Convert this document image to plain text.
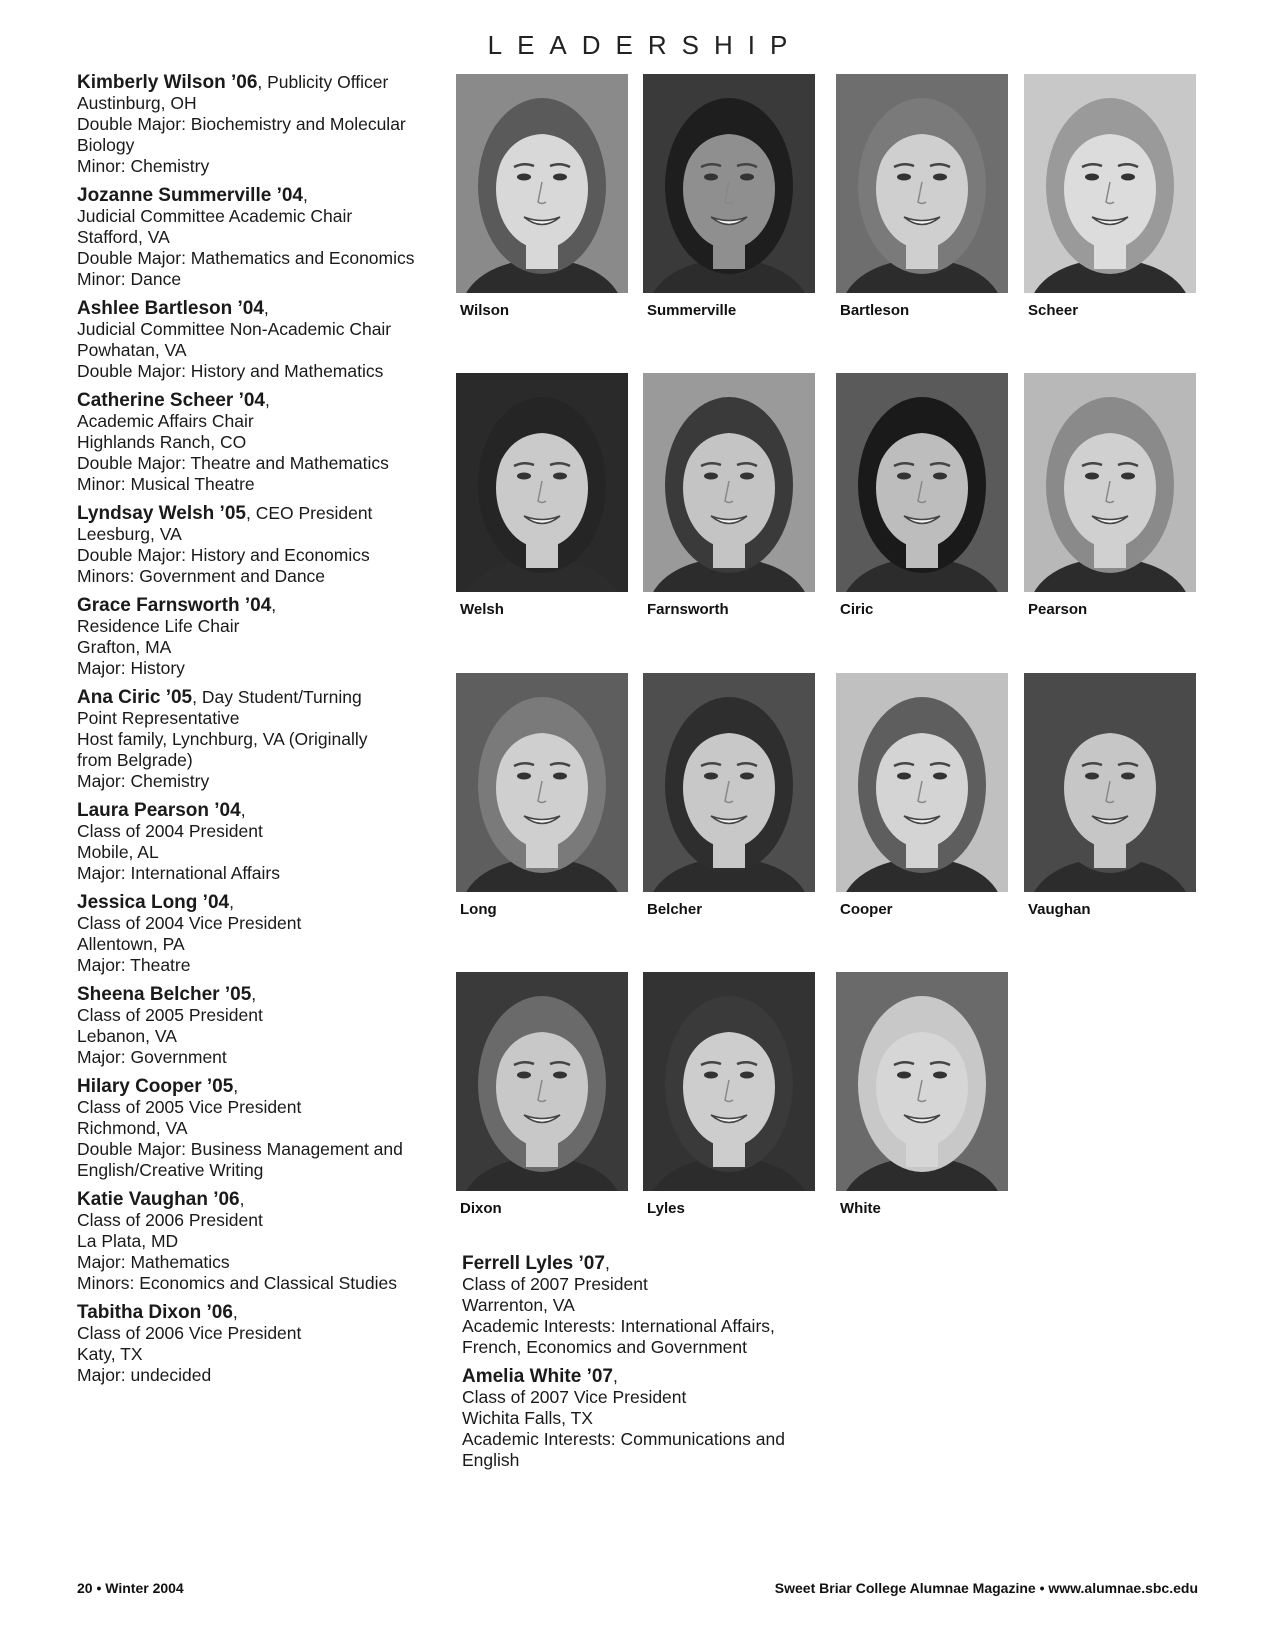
LEADERSHIP
Kimberly Wilson ’06, Publicity Officer
Austinburg, OH
Double Major: Biochemistry and Molecular
Biology
Minor: Chemistry
Jozanne Summerville ’04,
Judicial Committee Academic Chair
Stafford, VA
Double Major: Mathematics and Economics
Minor: Dance
Ashlee Bartleson ’04,
Judicial Committee Non-Academic Chair
Powhatan, VA
Double Major: History and Mathematics
Catherine Scheer ’04,
Academic Affairs Chair
Highlands Ranch, CO
Double Major: Theatre and Mathematics
Minor: Musical Theatre
Lyndsay Welsh ’05, CEO President
Leesburg, VA
Double Major: History and Economics
Minors: Government and Dance
Grace Farnsworth ’04,
Residence Life Chair
Grafton, MA
Major: History
Ana Ciric ’05, Day Student/Turning
Point Representative
Host family, Lynchburg, VA (Originally
from Belgrade)
Major: Chemistry
Laura Pearson ’04,
Class of 2004 President
Mobile, AL
Major: International Affairs
Jessica Long ’04,
Class of 2004 Vice President
Allentown, PA
Major: Theatre
Sheena Belcher ’05,
Class of 2005 President
Lebanon, VA
Major: Government
Hilary Cooper ’05,
Class of 2005 Vice President
Richmond, VA
Double Major: Business Management and
English/Creative Writing
Katie Vaughan ’06,
Class of 2006 President
La Plata, MD
Major: Mathematics
Minors: Economics and Classical Studies
Tabitha Dixon ’06,
Class of 2006 Vice President
Katy, TX
Major: undecided
Ferrell Lyles ’07,
Class of 2007 President
Warrenton, VA
Academic Interests: International Affairs,
French, Economics and Government
Amelia White ’07,
Class of 2007 Vice President
Wichita Falls, TX
Academic Interests: Communications and
English
Wilson	Summerville	Bartleson	Scheer
Welsh	Farnsworth	Ciric	Pearson
Long	Belcher	Cooper	Vaughan
Dixon	Lyles	White
20 • Winter 2004	Sweet Briar College Alumnae Magazine • www.alumnae.sbc.edu
